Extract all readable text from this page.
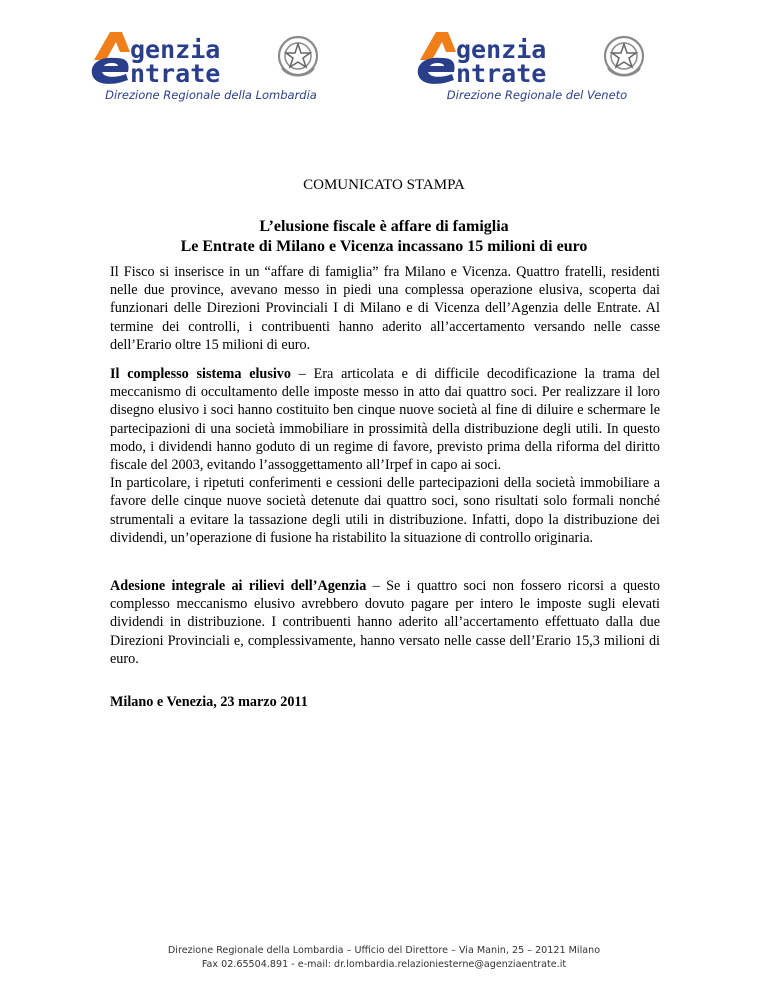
genzia
ntrate
Direzione Regionale della Lombardia
genzia
ntrate
Direzione Regionale del Veneto
COMUNICATO STAMPA
L’elusione fiscale è affare di famiglia
Le Entrate di Milano e Vicenza incassano 15 milioni di euro
Il Fisco si inserisce in un “affare di famiglia” fra Milano e Vicenza. Quattro fratelli, residenti nelle due province, avevano messo in piedi una complessa operazione elusiva, scoperta dai funzionari delle Direzioni Provinciali I di Milano e di Vicenza dell’Agenzia delle Entrate. Al termine dei controlli, i contribuenti hanno aderito all’accertamento versando nelle casse dell’Erario oltre 15 milioni di euro.
Il complesso sistema elusivo – Era articolata e di difficile decodificazione la trama del meccanismo di occultamento delle imposte messo in atto dai quattro soci. Per realizzare il loro disegno elusivo i soci hanno costituito ben cinque nuove società al fine di diluire e schermare le partecipazioni di una società immobiliare in prossimità della distribuzione degli utili. In questo modo, i dividendi hanno goduto di un regime di favore, previsto prima della riforma del diritto fiscale del 2003, evitando l’assoggettamento all’Irpef in capo ai soci.
In particolare, i ripetuti conferimenti e cessioni delle partecipazioni della società immobiliare a favore delle cinque nuove società detenute dai quattro soci, sono risultati solo formali nonché strumentali a evitare la tassazione degli utili in distribuzione. Infatti, dopo la distribuzione dei dividendi, un’operazione di fusione ha ristabilito la situazione di controllo originaria.
Adesione integrale ai rilievi dell’Agenzia – Se i quattro soci non fossero ricorsi a questo complesso meccanismo elusivo avrebbero dovuto pagare per intero le imposte sugli elevati dividendi in distribuzione. I contribuenti hanno aderito all’accertamento effettuato dalla due Direzioni Provinciali e, complessivamente, hanno versato nelle casse dell’Erario 15,3 milioni di euro.
Milano e Venezia, 23 marzo 2011
Direzione Regionale della Lombardia – Ufficio del Direttore – Via Manin, 25 – 20121 Milano
Fax 02.65504.891 - e-mail: dr.lombardia.relazioniesterne@agenziaentrate.it
